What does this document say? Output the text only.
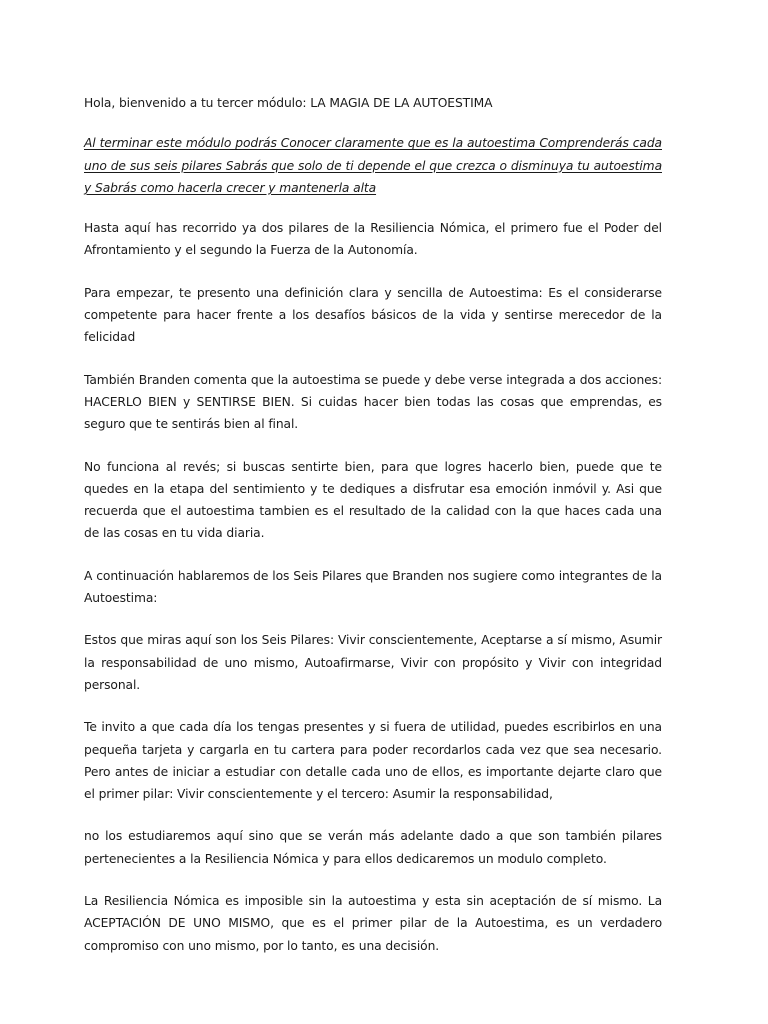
Hola, bienvenido a tu tercer módulo: LA MAGIA DE LA AUTOESTIMA

Al terminar este módulo podrás Conocer claramente que es la autoestima Comprenderás cada uno de sus seis pilares Sabrás que solo de ti depende el que crezca o disminuya tu autoestima y Sabrás como hacerla crecer y mantenerla alta

Hasta aquí has recorrido ya dos pilares de la Resiliencia Nómica, el primero fue el Poder del Afrontamiento y el segundo la Fuerza de la Autonomía.

Para empezar, te presento una definición clara y sencilla de Autoestima: Es el considerarse competente para hacer frente a los desafíos básicos de la vida y sentirse merecedor de la felicidad

También Branden comenta que la autoestima se puede y debe verse integrada a dos acciones: HACERLO BIEN y SENTIRSE BIEN. Si cuidas hacer bien todas las cosas que emprendas, es seguro que te sentirás bien al final.

No funciona al revés; si buscas sentirte bien, para que logres hacerlo bien, puede que te quedes en la etapa del sentimiento y te dediques a disfrutar esa emoción inmóvil y. Asi que recuerda que el autoestima tambien es el resultado de la calidad con la que haces cada una de las cosas en tu vida diaria.

A continuación hablaremos de los Seis Pilares que Branden nos sugiere como integrantes de la Autoestima:

Estos que miras aquí son los Seis Pilares: Vivir conscientemente, Aceptarse a sí mismo, Asumir la responsabilidad de uno mismo, Autoafirmarse, Vivir con propósito y Vivir con integridad personal.

Te invito a que cada día los tengas presentes y si fuera de utilidad, puedes escribirlos en una pequeña tarjeta y cargarla en tu cartera para poder recordarlos cada vez que sea necesario. Pero antes de iniciar a estudiar con detalle cada uno de ellos, es importante dejarte claro que el primer pilar: Vivir conscientemente y el tercero: Asumir la responsabilidad,

no los estudiaremos aquí sino que se verán más adelante dado a que son también pilares pertenecientes a la Resiliencia Nómica y para ellos dedicaremos un modulo completo.

La Resiliencia Nómica es imposible sin la autoestima y esta sin aceptación de sí mismo. La ACEPTACIÓN DE UNO MISMO, que es el primer pilar de la Autoestima, es un verdadero compromiso con uno mismo, por lo tanto, es una decisión.
